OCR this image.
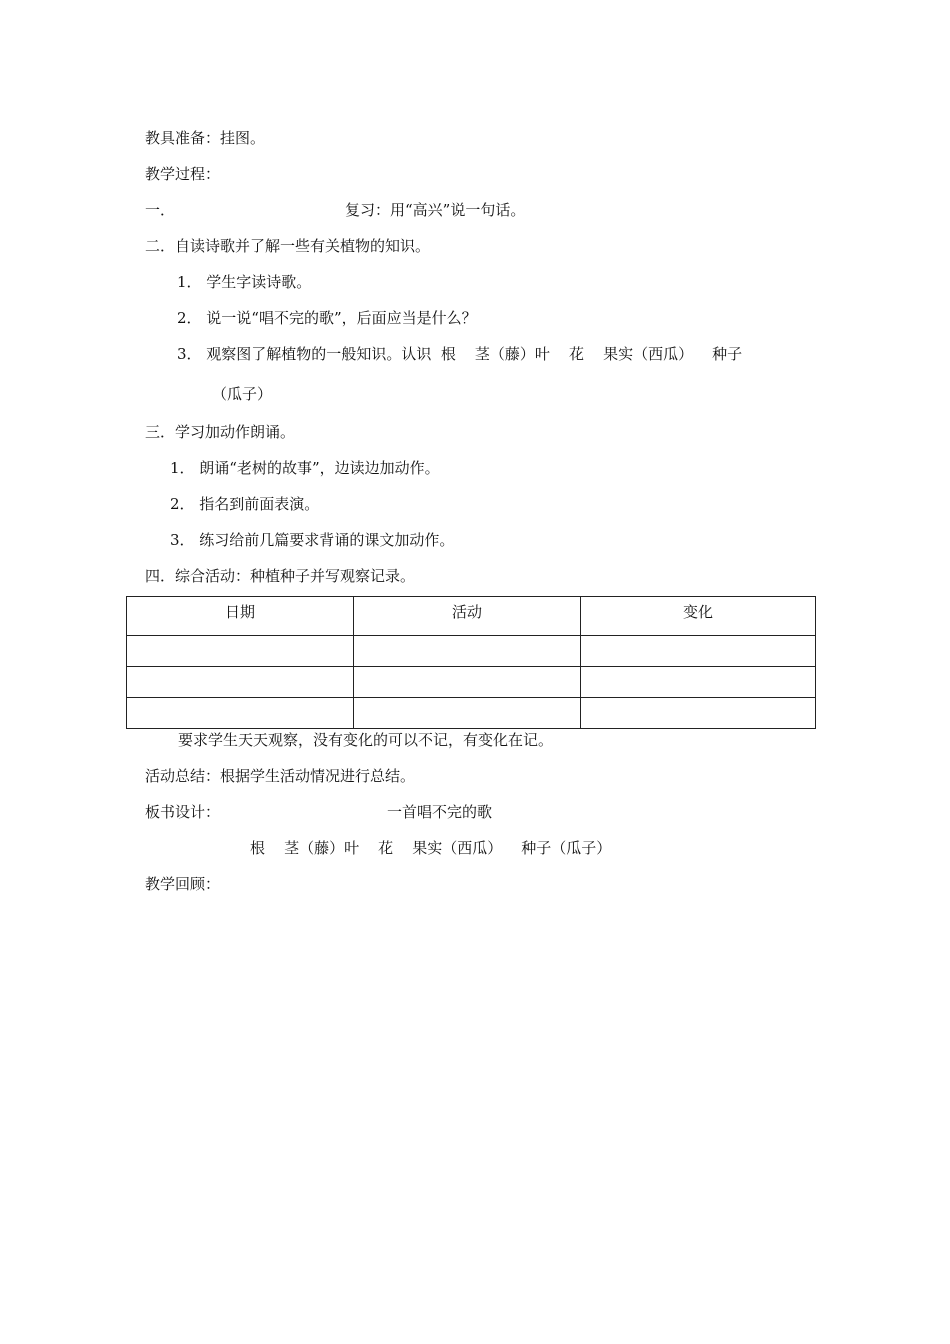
教具准备：挂图。
教学过程：
一．	复习：用“高兴”说一句话。
二．自读诗歌并了解一些有关植物的知识。
1． 学生字读诗歌。
2． 说一说“唱不完的歌”，后面应当是什么？
3． 观察图了解植物的一般知识。认识  根    茎（藤）叶    花    果实（西瓜）    种子
（瓜子）
三．学习加动作朗诵。
1． 朗诵“老树的故事”，边读边加动作。
2． 指名到前面表演。
3． 练习给前几篇要求背诵的课文加动作。
四．综合活动：种植种子并写观察记录。
日期	活动	变化

要求学生天天观察，没有变化的可以不记，有变化在记。
活动总结：根据学生活动情况进行总结。
板书设计：	一首唱不完的歌
根    茎（藤）叶    花    果实（西瓜）    种子（瓜子）
教学回顾：
